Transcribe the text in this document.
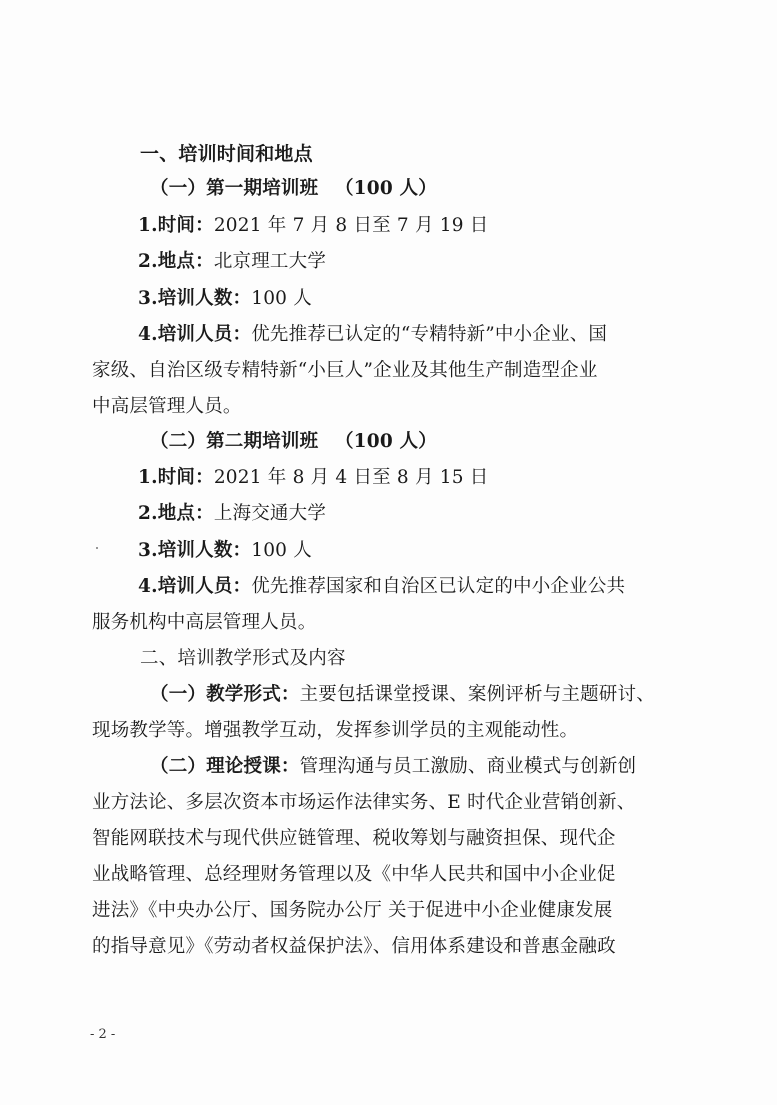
一、培训时间和地点
（一）第一期培训班 （100 人）
1.时间：2021 年 7 月 8 日至 7 月 19 日
2.地点：北京理工大学
3.培训人数：100 人
4.培训人员：优先推荐已认定的“专精特新”中小企业、国
家级、自治区级专精特新“小巨人”企业及其他生产制造型企业
中高层管理人员。
（二）第二期培训班 （100 人）
1.时间：2021 年 8 月 4 日至 8 月 15 日
2.地点：上海交通大学
3.培训人数：100 人
4.培训人员：优先推荐国家和自治区已认定的中小企业公共
服务机构中高层管理人员。
二、培训教学形式及内容
（一）教学形式：主要包括课堂授课、案例评析与主题研讨、
现场教学等。增强教学互动，发挥参训学员的主观能动性。
（二）理论授课：管理沟通与员工激励、商业模式与创新创
业方法论、多层次资本市场运作法律实务、E 时代企业营销创新、
智能网联技术与现代供应链管理、税收筹划与融资担保、现代企
业战略管理、总经理财务管理以及《中华人民共和国中小企业促
进法》《中央办公厅、国务院办公厅 关于促进中小企业健康发展
的指导意见》《劳动者权益保护法》、信用体系建设和普惠金融政
- 2 -
